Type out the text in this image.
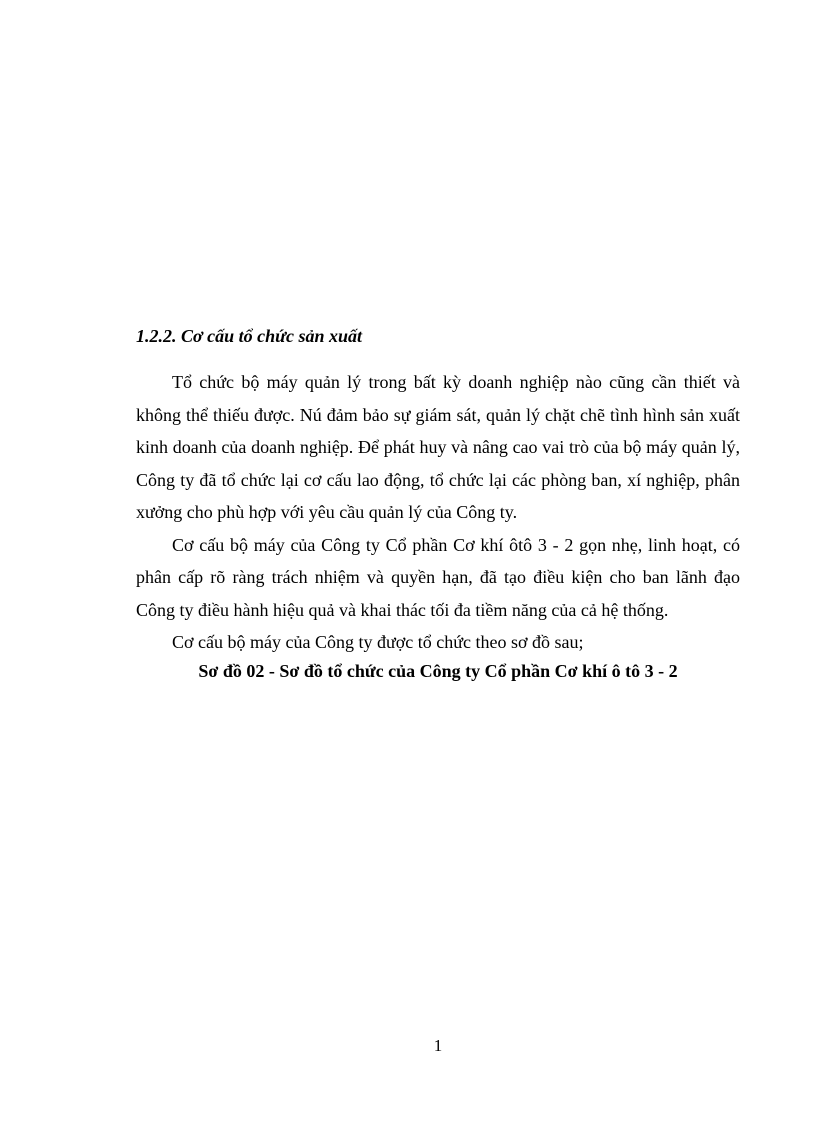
1.2.2. Cơ cấu tổ chức sản xuất

Tổ chức bộ máy quản lý trong bất kỳ doanh nghiệp nào cũng cần thiết và không thể thiếu được. Nú đảm bảo sự giám sát, quản lý chặt chẽ tình hình sản xuất kinh doanh của doanh nghiệp. Để phát huy và nâng cao vai trò của bộ máy quản lý, Công ty đã tổ chức lại cơ cấu lao động, tổ chức lại các phòng ban, xí nghiệp, phân xưởng cho phù hợp với yêu cầu quản lý của Công ty.

Cơ cấu bộ máy của Công ty Cổ phần Cơ khí ôtô 3 - 2 gọn nhẹ, linh hoạt, có phân cấp rõ ràng trách nhiệm và quyền hạn, đã tạo điều kiện cho ban lãnh đạo Công ty điều hành hiệu quả và khai thác tối đa tiềm năng của cả hệ thống.

Cơ cấu bộ máy của Công ty được tổ chức theo sơ đồ sau;

Sơ đồ 02 - Sơ đồ tổ chức của Công ty Cổ phần Cơ khí ô tô 3 - 2

1
